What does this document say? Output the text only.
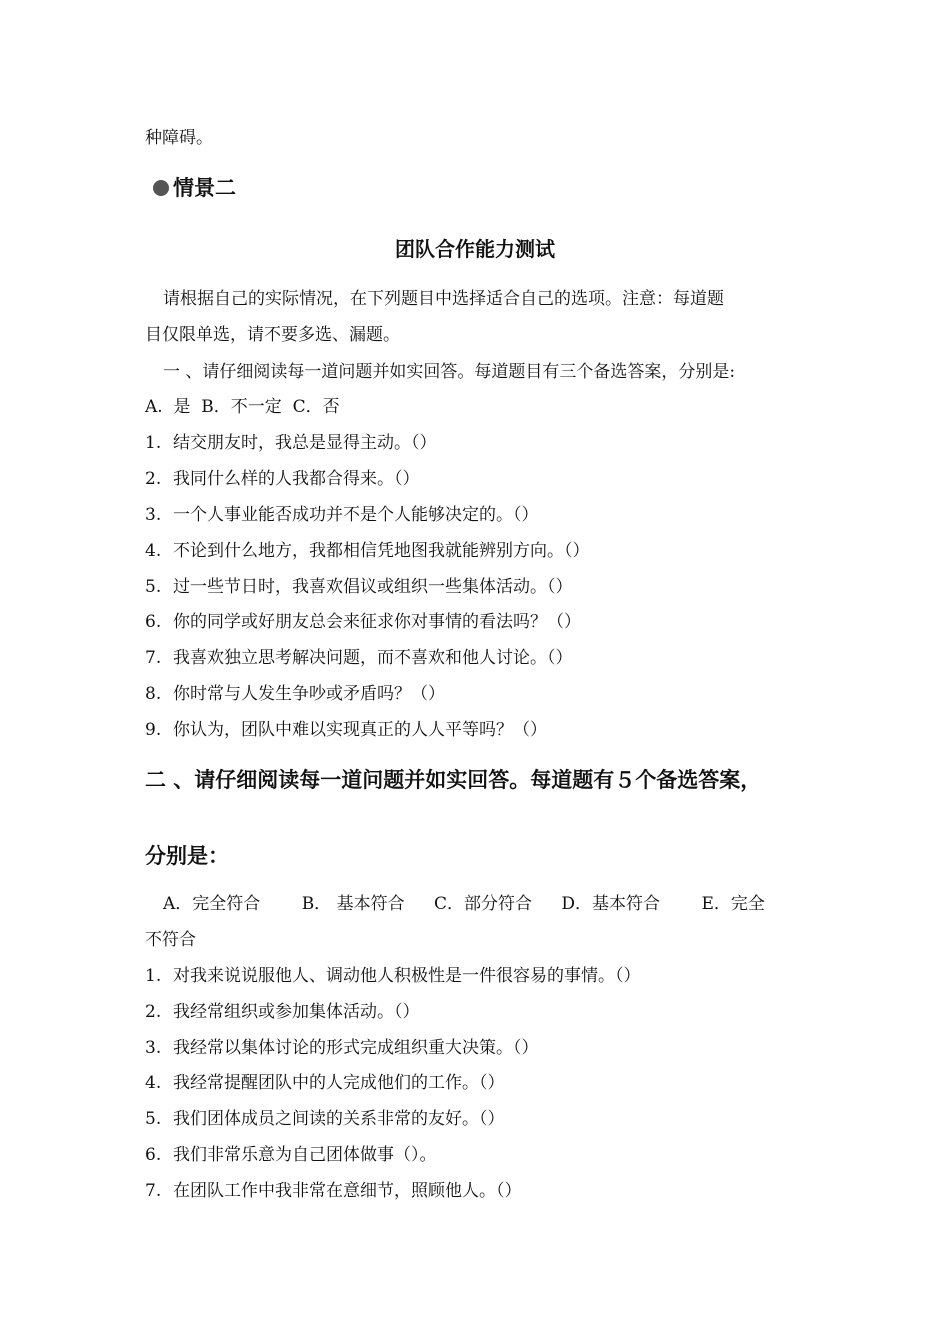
种障碍。
情景二
团队合作能力测试
请根据自己的实际情况，在下列题目中选择适合自己的选项。注意：每道题
目仅限单选，请不要多选、漏题。
一 、请仔细阅读每一道问题并如实回答。每道题目有三个备选答案，分别是:
A.  是  B．不一定  C．否
1. 结交朋友时，我总是显得主动。（）
2. 我同什么样的人我都合得来。（）
3. 一个人事业能否成功并不是个人能够决定的。（）
4. 不论到什么地方，我都相信凭地图我就能辨别方向。（）
5. 过一些节日时，我喜欢倡议或组织一些集体活动。（）
6. 你的同学或好朋友总会来征求你对事情的看法吗？（）
7. 我喜欢独立思考解决问题，而不喜欢和他人讨论。（）
8. 你时常与人发生争吵或矛盾吗？（）
9. 你认为，团队中难以实现真正的人人平等吗？（）
二 、请仔细阅读每一道问题并如实回答。每道题有５个备选答案，
分别是：
A．完全符合 B． 基本符合 C．部分符合 D．基本符合 E．完全
不符合
1. 对我来说说服他人、调动他人积极性是一件很容易的事情。（）
2. 我经常组织或参加集体活动。（）
3. 我经常以集体讨论的形式完成组织重大决策。（）
4. 我经常提醒团队中的人完成他们的工作。（）
5. 我们团体成员之间读的关系非常的友好。（）
6. 我们非常乐意为自己团体做事（）。
7. 在团队工作中我非常在意细节，照顾他人。（）
